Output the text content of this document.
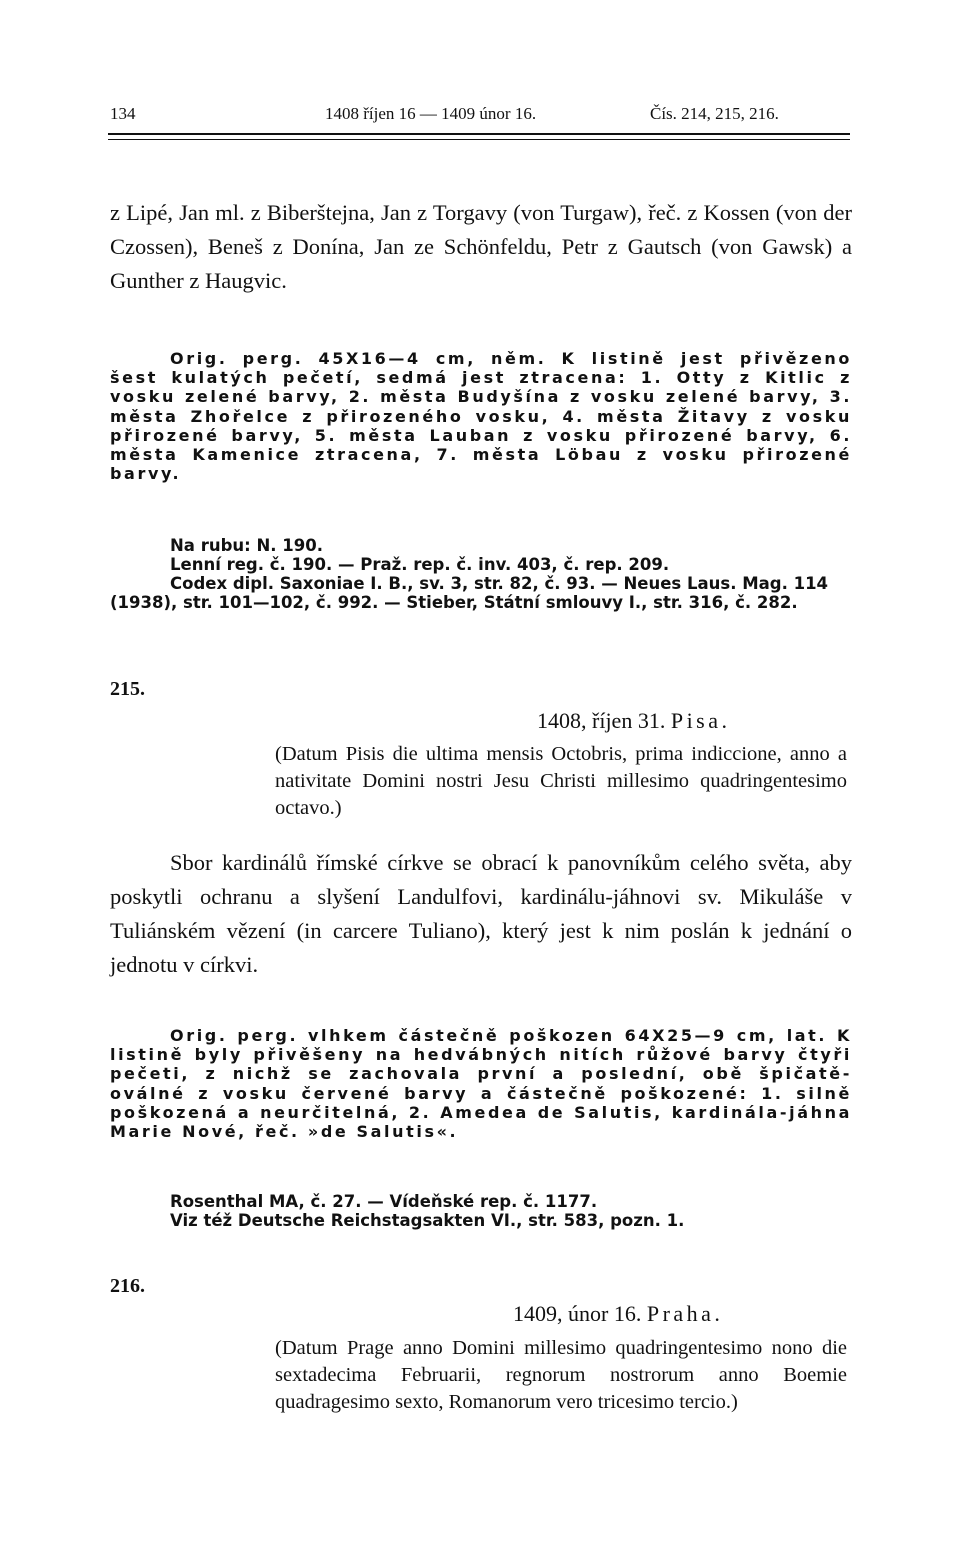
134	1408 říjen 16 — 1409 únor 16.	Čís. 214, 215, 216.

z Lipé, Jan ml. z Biberštejna, Jan z Torgavy (von Turgaw), řeč. z Kossen (von der Czossen), Beneš z Donína, Jan ze Schönfeldu, Petr z Gautsch (von Gawsk) a Gunther z Haugvic.

Orig. perg. 45X16—4 cm, něm. K listině jest přivězeno šest kulatých pečetí, sedmá jest ztracena: 1. Otty z Kitlic z vosku zelené barvy, 2. města Budyšína z vosku zelené barvy, 3. města Zhořelce z přirozeného vosku, 4. města Žitavy z vosku přirozené barvy, 5. města Lauban z vosku přirozené barvy, 6. města Kamenice ztracena, 7. města Löbau z vosku přirozené barvy.

Na rubu: N. 190.

Lenní reg. č. 190. — Praž. rep. č. inv. 403, č. rep. 209.

Codex dipl. Saxoniae I. B., sv. 3, str. 82, č. 93. — Neues Laus. Mag. 114 (1938), str. 101—102, č. 992. — Stieber, Státní smlouvy I., str. 316, č. 282.

215.
1408, říjen 31. Pisa.

(Datum Pisis die ultima mensis Octobris, prima indiccione, anno a nativitate Domini nostri Jesu Christi millesimo quadringentesimo octavo.)

Sbor kardinálů římské církve se obrací k panovníkům celého světa, aby poskytli ochranu a slyšení Landulfovi, kardinálu-jáhnovi sv. Mikuláše v Tuliánském vězení (in carcere Tuliano), který jest k nim poslán k jednání o jednotu v církvi.

Orig. perg. vlhkem částečně poškozen 64X25—9 cm, lat. K listině byly přivěšeny na hedvábných nitích růžové barvy čtyři pečeti, z nichž se zachovala první a poslední, obě špičatě-oválné z vosku červené barvy a částečně poškozené: 1. silně poškozená a neurčitelná, 2. Amedea de Salutis, kardinála-jáhna Marie Nové, řeč. »de Salutis«.

Rosenthal MA, č. 27. — Vídeňské rep. č. 1177.

Viz též Deutsche Reichstagsakten VI., str. 583, pozn. 1.

216.
1409, únor 16. Praha.

(Datum Prage anno Domini millesimo quadringentesimo nono die sextadecima Februarii, regnorum nostrorum anno Boemie quadragesimo sexto, Romanorum vero tricesimo tercio.)
